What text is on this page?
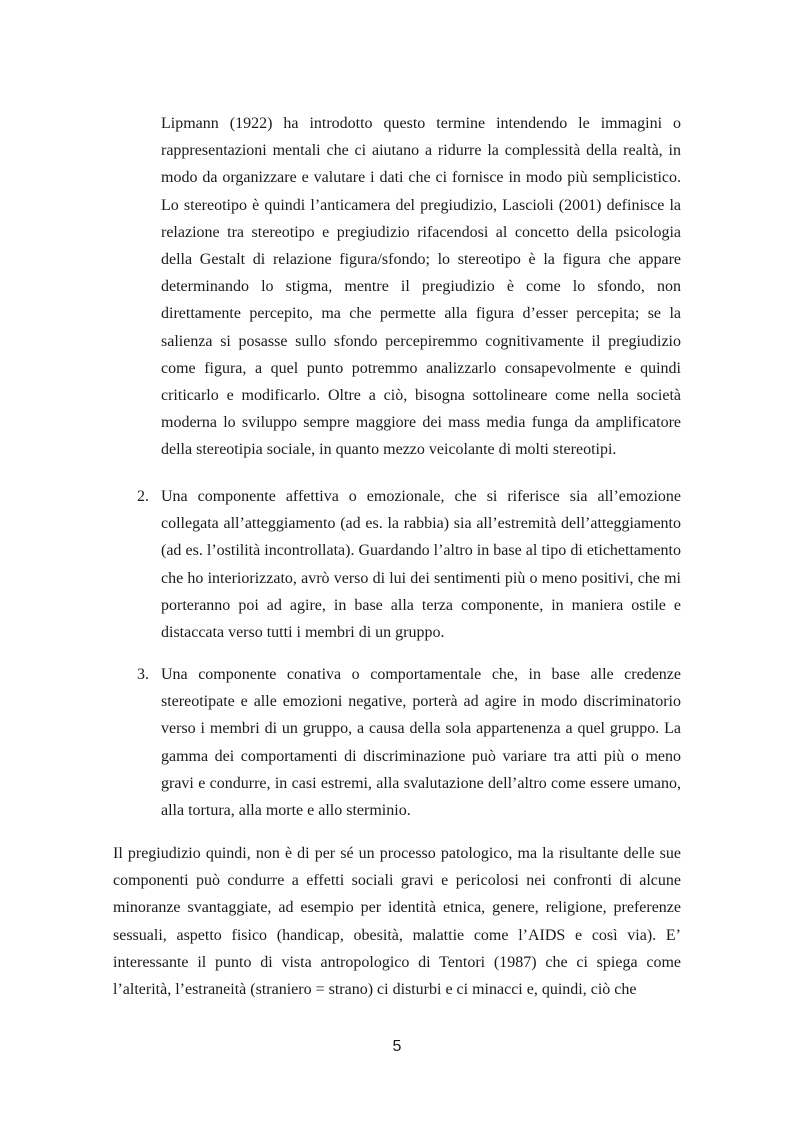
Lipmann (1922) ha introdotto questo termine intendendo le immagini o rappresentazioni mentali che ci aiutano a ridurre la complessità della realtà, in modo da organizzare e valutare i dati che ci fornisce in modo più semplicistico. Lo stereotipo è quindi l’anticamera del pregiudizio, Lascioli (2001) definisce la relazione tra stereotipo e pregiudizio rifacendosi al concetto della psicologia della Gestalt di relazione figura/sfondo; lo stereotipo è la figura che appare determinando lo stigma, mentre il pregiudizio è come lo sfondo, non direttamente percepito, ma che permette alla figura d’esser percepita; se la salienza si posasse sullo sfondo percepiremmo cognitivamente il pregiudizio come figura, a quel punto potremmo analizzarlo consapevolmente e quindi criticarlo e modificarlo. Oltre a ciò, bisogna sottolineare come nella società moderna lo sviluppo sempre maggiore dei mass media funga da amplificatore della stereotipia sociale, in quanto mezzo veicolante di molti stereotipi.

2. Una componente affettiva o emozionale, che si riferisce sia all’emozione collegata all’atteggiamento (ad es. la rabbia) sia all’estremità dell’atteggiamento (ad es. l’ostilità incontrollata). Guardando l’altro in base al tipo di etichettamento che ho interiorizzato, avrò verso di lui dei sentimenti più o meno positivi, che mi porteranno poi ad agire, in base alla terza componente, in maniera ostile e distaccata verso tutti i membri di un gruppo.

3. Una componente conativa o comportamentale che, in base alle credenze stereotipate e alle emozioni negative, porterà ad agire in modo discriminatorio verso i membri di un gruppo, a causa della sola appartenenza a quel gruppo. La gamma dei comportamenti di discriminazione può variare tra atti più o meno gravi e condurre, in casi estremi, alla svalutazione dell’altro come essere umano, alla tortura, alla morte e allo sterminio.

Il pregiudizio quindi, non è di per sé un processo patologico, ma la risultante delle sue componenti può condurre a effetti sociali gravi e pericolosi nei confronti di alcune minoranze svantaggiate, ad esempio per identità etnica, genere, religione, preferenze sessuali, aspetto fisico (handicap, obesità, malattie come l’AIDS e così via). E’ interessante il punto di vista antropologico di Tentori (1987) che ci spiega come l’alterità, l’estraneità (straniero = strano) ci disturbi e ci minacci e, quindi, ciò che

5
